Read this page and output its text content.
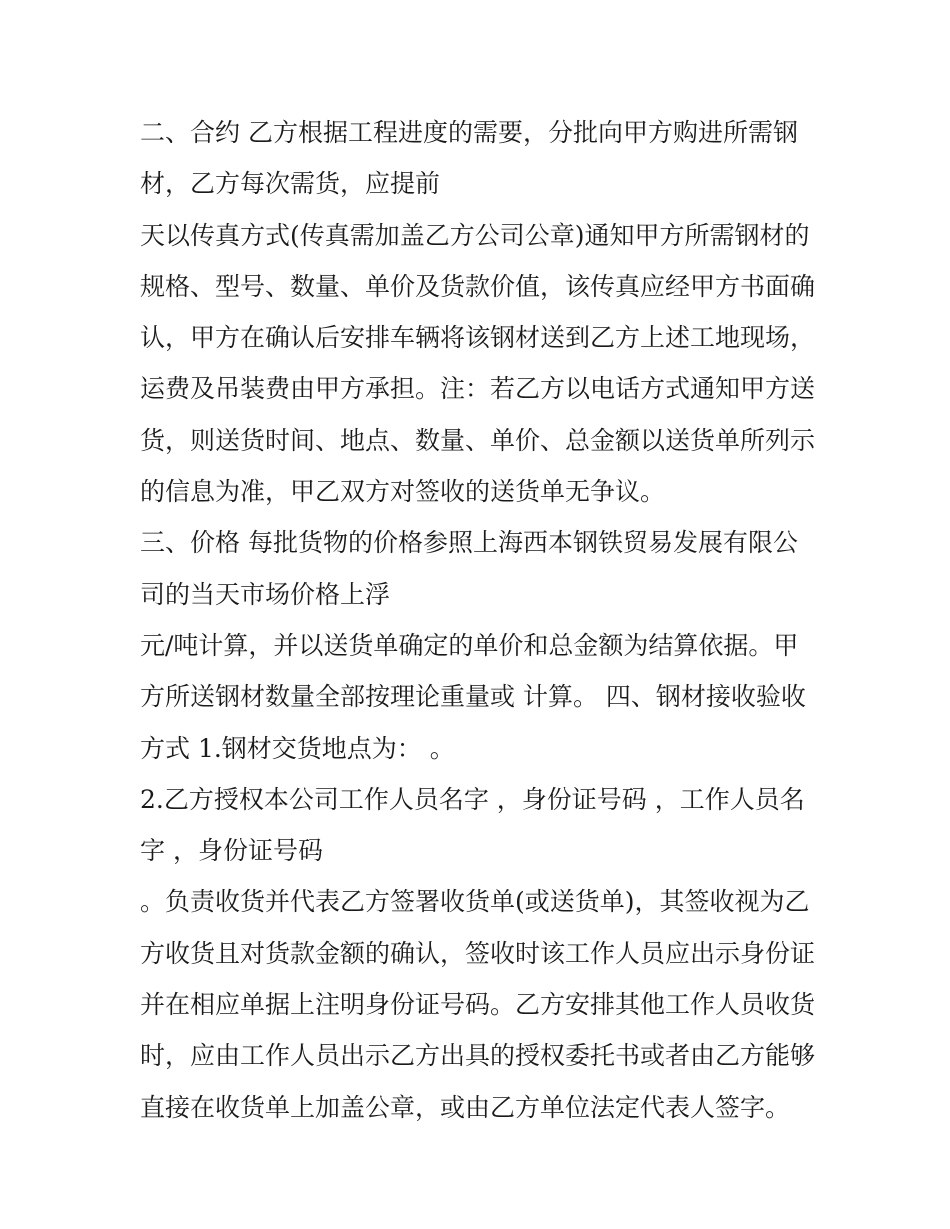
二、合约 乙方根据工程进度的需要，分批向甲方购进所需钢
材，乙方每次需货，应提前
天以传真方式(传真需加盖乙方公司公章)通知甲方所需钢材的
规格、型号、数量、单价及货款价值，该传真应经甲方书面确
认，甲方在确认后安排车辆将该钢材送到乙方上述工地现场，
运费及吊装费由甲方承担。注：若乙方以电话方式通知甲方送
货，则送货时间、地点、数量、单价、总金额以送货单所列示
的信息为准，甲乙双方对签收的送货单无争议。
三、价格 每批货物的价格参照上海西本钢铁贸易发展有限公
司的当天市场价格上浮
元/吨计算，并以送货单确定的单价和总金额为结算依据。甲
方所送钢材数量全部按理论重量或 计算。 四、钢材接收验收
方式 1.钢材交货地点为： 。
2.乙方授权本公司工作人员名字 ，身份证号码 ，工作人员名
字 ，身份证号码
。负责收货并代表乙方签署收货单(或送货单)，其签收视为乙
方收货且对货款金额的确认，签收时该工作人员应出示身份证
并在相应单据上注明身份证号码。乙方安排其他工作人员收货
时，应由工作人员出示乙方出具的授权委托书或者由乙方能够
直接在收货单上加盖公章，或由乙方单位法定代表人签字。
